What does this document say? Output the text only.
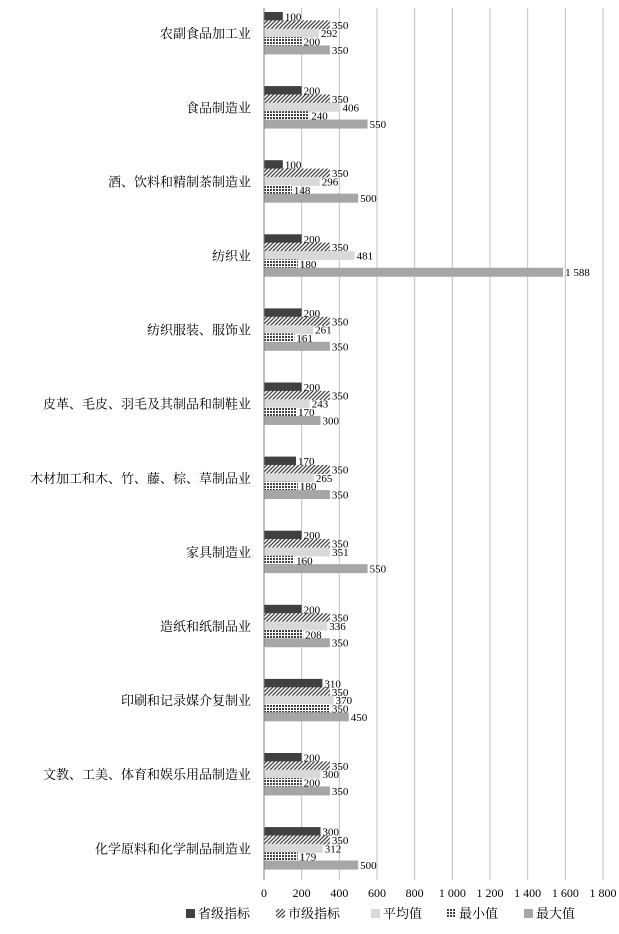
100
350
292
200
350
200
350
406
240
550
100
350
296
148
500
200
350
481
180
1 588
200
350
261
161
350
200
350
243
170
300
170
350
265
180
350
200
350
351
160
550
200
350
336
208
350
310
350
370
350
450
200
350
300
200
350
300
350
312
179
500
农副食品加工业
食品制造业
酒、饮料和精制茶制造业
纺织业
纺织服装、服饰业
皮革、毛皮、羽毛及其制品和制鞋业
木材加工和木、竹、藤、棕、草制品业
家具制造业
造纸和纸制品业
印刷和记录媒介复制业
文教、工美、体育和娱乐用品制造业
化学原料和化学制品制造业
0 200 400 600 800 1 000 1 200 1 400 1 600 1 800
省级指标	市级指标	平均值	最小值	最大值
